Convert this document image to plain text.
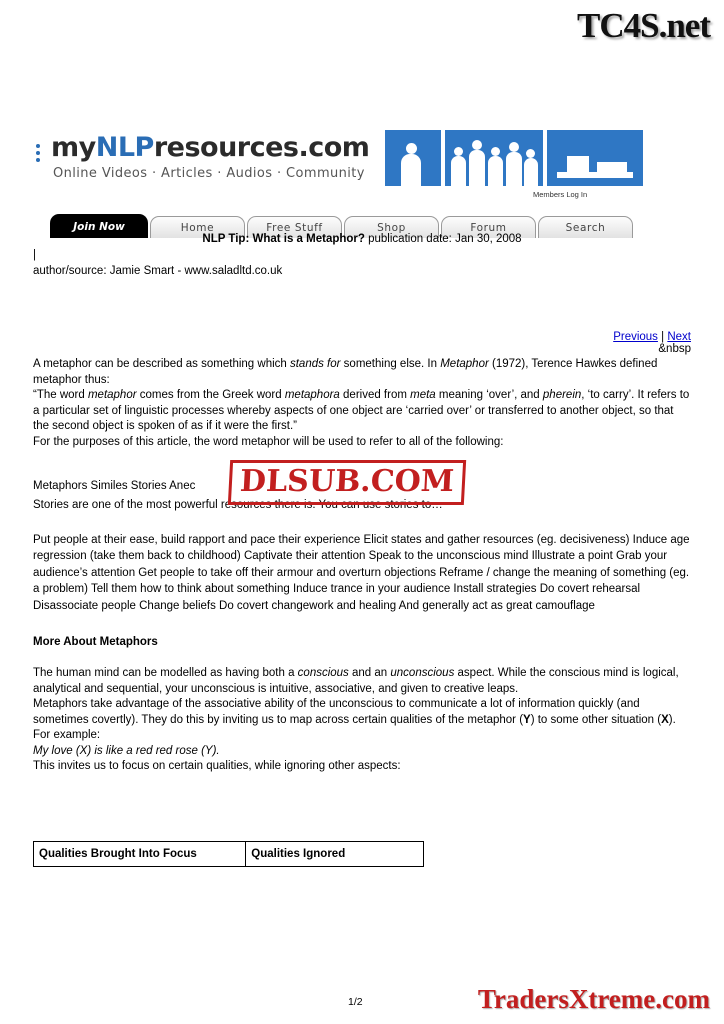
TC4S.net
myNLPresources.com
Online Videos · Articles · Audios · Community
Members Log In
Join Now	Home	Free Stuff	Shop	Forum	Search
NLP Tip: What is a Metaphor? publication date: Jan 30, 2008
|
author/source: Jamie Smart - www.saladltd.co.uk
Previous | Next
&nbsp
A metaphor can be described as something which stands for something else. In Metaphor (1972), Terence Hawkes defined metaphor thus:
“The word metaphor comes from the Greek word metaphora derived from meta meaning ‘over’, and pherein, ‘to carry’. It refers to a particular set of linguistic processes whereby aspects of one object are ‘carried over’ or transferred to another object, so that the second object is spoken of as if it were the first.”
For the purposes of this article, the word metaphor will be used to refer to all of the following:
Metaphors Similes Stories Anec	DLSUB.COM
Stories are one of the most powerful resources there is. You can use stories to…
Put people at their ease, build rapport and pace their experience Elicit states and gather resources (eg. decisiveness) Induce age regression (take them back to childhood) Captivate their attention Speak to the unconscious mind Illustrate a point Grab your audience’s attention Get people to take off their armour and overturn objections Reframe / change the meaning of something (eg. a problem) Tell them how to think about something Induce trance in your audience Install strategies Do covert rehearsal Disassociate people Change beliefs Do covert changework and healing And generally act as great camouflage
More About Metaphors
The human mind can be modelled as having both a conscious and an unconscious aspect. While the conscious mind is logical, analytical and sequential, your unconscious is intuitive, associative, and given to creative leaps.
Metaphors take advantage of the associative ability of the unconscious to communicate a lot of information quickly (and sometimes covertly). They do this by inviting us to map across certain qualities of the metaphor (Y) to some other situation (X). For example:
My love (X) is like a red red rose (Y).
This invites us to focus on certain qualities, while ignoring other aspects:
Qualities Brought Into Focus	Qualities Ignored
1/2	TradersXtreme.com
